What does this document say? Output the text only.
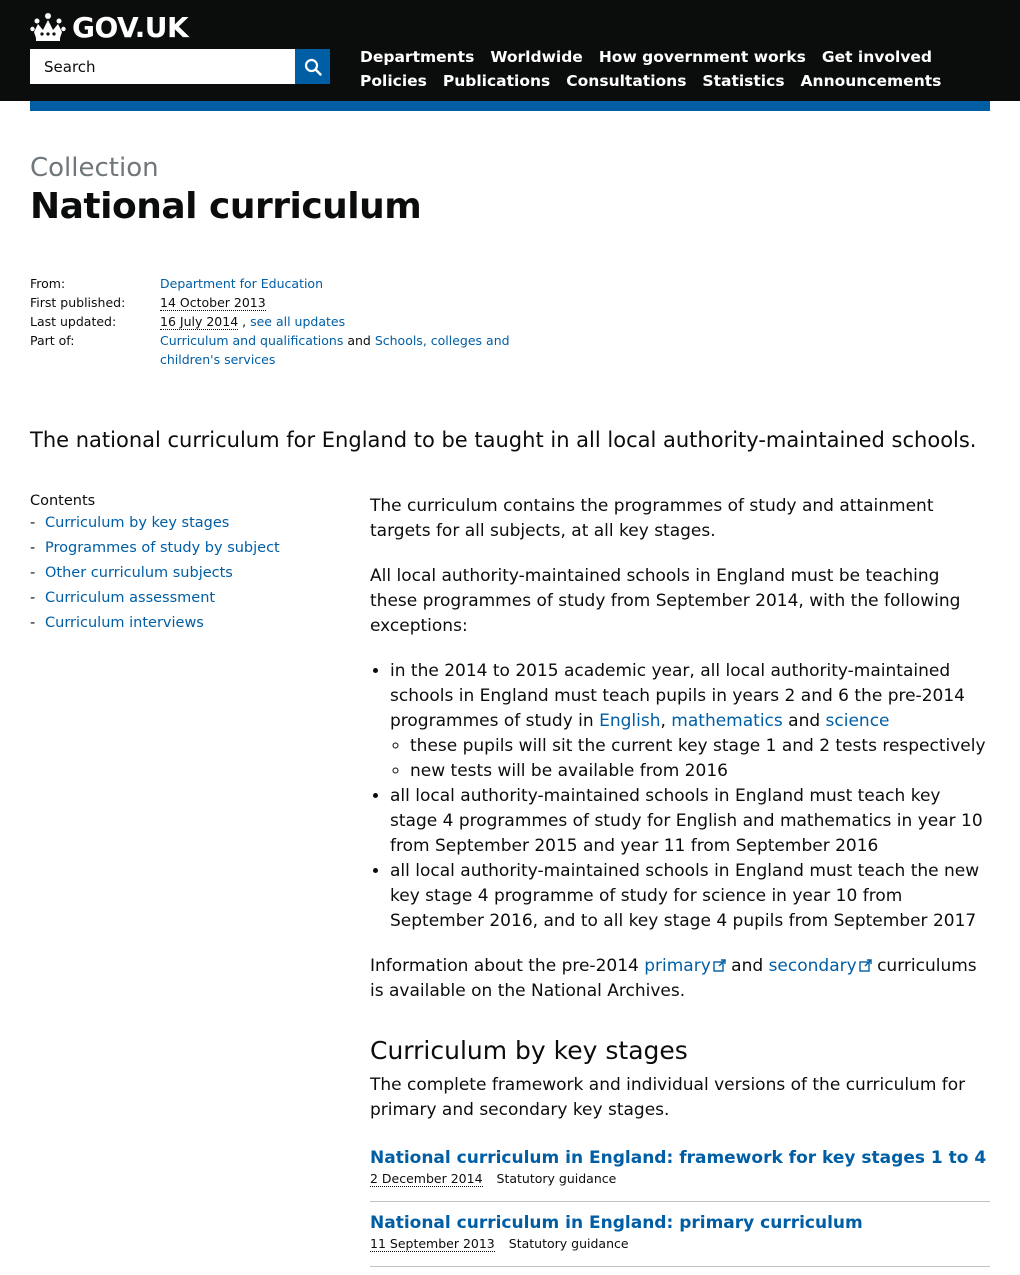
GOV.UK
Search
Departments Worldwide How government works Get involved
Policies Publications Consultations Statistics Announcements
Collection
National curriculum
From:	Department for Education
First published:	14 October 2013
Last updated:	16 July 2014 , see all updates
Part of:	Curriculum and qualifications and Schools, colleges and children's services
The national curriculum for England to be taught in all local authority-maintained schools.
Contents
- Curriculum by key stages
- Programmes of study by subject
- Other curriculum subjects
- Curriculum assessment
- Curriculum interviews

The curriculum contains the programmes of study and attainment targets for all subjects, at all key stages.

All local authority-maintained schools in England must be teaching these programmes of study from September 2014, with the following exceptions:

• in the 2014 to 2015 academic year, all local authority-maintained schools in England must teach pupils in years 2 and 6 the pre-2014 programmes of study in English, mathematics and science
◦ these pupils will sit the current key stage 1 and 2 tests respectively
◦ new tests will be available from 2016
• all local authority-maintained schools in England must teach key stage 4 programmes of study for English and mathematics in year 10 from September 2015 and year 11 from September 2016
• all local authority-maintained schools in England must teach the new key stage 4 programme of study for science in year 10 from September 2016, and to all key stage 4 pupils from September 2017

Information about the pre-2014 primary and secondary curriculums is available on the National Archives.

Curriculum by key stages

The complete framework and individual versions of the curriculum for primary and secondary key stages.

National curriculum in England: framework for key stages 1 to 4
2 December 2014 Statutory guidance
National curriculum in England: primary curriculum
11 September 2013 Statutory guidance
